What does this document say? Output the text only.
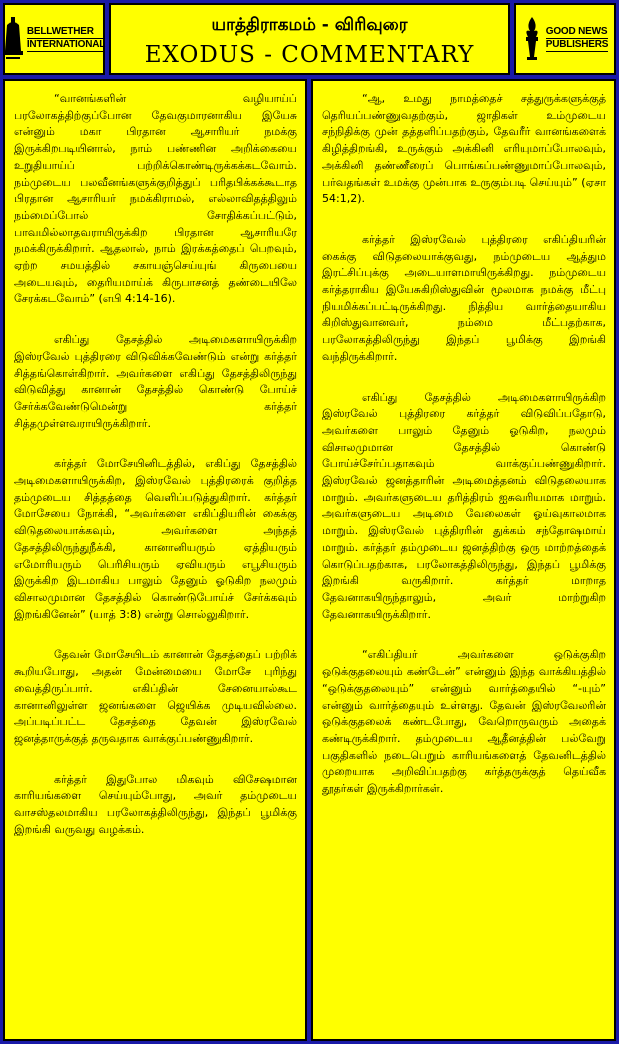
BELLWETHER
INTERNATIONAL
யாத்திராகமம் - விரிவுரை
EXODUS - COMMENTARY
GOOD NEWS
PUBLISHERS

“வானங்களின் வழியாய்ப் பரலோகத்திற்குப்போன தேவகுமாரனாகிய இயேசு என்னும் மகா பிரதான ஆசாரியர் நமக்கு இருக்கிறபடியினால், நாம் பண்ணின அறிக்கையை உறுதியாய்ப் பற்றிக்கொண்டிருக்கக்கடவோம். நம்முடைய பலவீனங்களுக்குறித்துப் பரிதபிக்கக்கூடாத பிரதான ஆசாரியர் நமக்கிராமல், எல்லாவிதத்திலும் நம்மைப்போல் சோதிக்கப்பட்டும், பாவமில்லாதவராயிருக்கிற பிரதான ஆசாரியரே நமக்கிருக்கிறார். ஆதலால், நாம் இரக்கத்தைப் பெறவும், ஏற்ற சமயத்தில் சகாயஞ்செய்யுங் கிருபையை அடையவும், தைரியமாய்க் கிருபாசனத் தண்டையிலே சேரக்கடவோம்” (எபி 4:14-16).

எகிப்து தேசத்தில் அடிமைகளாயிருக்கிற இஸ்ரவேல் புத்திரரை விடுவிக்கவேண்டும் என்று கர்த்தர் சித்தங்கொள்கிறார். அவர்களை எகிப்து தேசத்திலிருந்து விடுவித்து கானான் தேசத்தில் கொண்டு போய்ச் சேர்க்கவேண்டுமென்று கர்த்தர் சித்தமுள்ளவராயிருக்கிறார்.

கர்த்தர் மோசேயினிடத்தில், எகிப்து தேசத்தில் அடிமைகளாயிருக்கிற, இஸ்ரவேல் புத்திரரைக் குறித்த தம்முடைய சித்தத்தை வெளிப்படுத்துகிறார். கர்த்தர் மோசேயை நோக்கி, “அவர்களை எகிப்தியரின் கைக்கு விடுதலையாக்கவும், அவர்களை அந்தத் தேசத்திலிருந்துநீக்கி, கானானியரும் ஏத்தியரும் எமோரியரும் பெரிசியரும் ஏவியரும் எபூசியரும் இருக்கிற இடமாகிய பாலும் தேனும் ஓடுகிற நலமும் விசாலமுமான தேசத்தில் கொண்டுபோய்ச் சேர்க்கவும் இறங்கினேன்” (யாத் 3:8) என்று சொல்லுகிறார்.

தேவன் மோசேயிடம் கானான் தேசத்தைப் பற்றிக் கூறியபோது, அதன் மேன்மையை மோசே புரிந்து வைத்திருப்பார். எகிப்தின் சேனையால்கூட கானானிலுள்ள ஜனங்களை ஜெயிக்க முடியவில்லை. அப்படிப்பட்ட தேசத்தை தேவன் இஸ்ரவேல் ஜனத்தாருக்குத் தருவதாக வாக்குப்பண்ணுகிறார்.

கர்த்தர் இதுபோல மிகவும் விசேஷமான காரியங்களை செய்யும்போது, அவர் தம்முடைய வாசஸ்தலமாகிய பரலோகத்திலிருந்து, இந்தப் பூமிக்கு இறங்கி வருவது வழக்கம்.

“ஆ, உமது நாமத்தைச் சத்துருக்களுக்குத் தெரியப்பண்ணுவதற்கும், ஜாதிகள் உம்முடைய சந்நிதிக்கு முன் தத்தளிப்பதற்கும், தேவரீர் வானங்களைக் கிழித்திறங்கி, உருக்கும் அக்கினி எரியுமாப்போலவும், அக்கினி தண்ணீரைப் பொங்கப்பண்ணுமாப்போலவும், பர்வதங்கள் உமக்கு முன்பாக உருகும்படி செய்யும்” (ஏசா 54:1,2).

கர்த்தர் இஸ்ரவேல் புத்திரரை எகிப்தியரின் கைக்கு விடுதலையாக்குவது, நம்முடைய ஆத்தும இரட்சிப்புக்கு அடையாளமாயிருக்கிறது. நம்முடைய கர்த்தராகிய இயேசுகிறிஸ்துவின் மூலமாக நமக்கு மீட்பு நியமிக்கப்பட்டிருக்கிறது. நித்திய வார்த்தையாகிய கிறிஸ்துவானவர், நம்மை மீட்பதற்காக, பரலோகத்திலிருந்து இந்தப் பூமிக்கு இறங்கி வந்திருக்கிறார்.

எகிப்து தேசத்தில் அடிமைகளாயிருக்கிற இஸ்ரவேல் புத்திரரை கர்த்தர் விடுவிப்பதோடு, அவர்களை பாலும் தேனும் ஓடுகிற, நலமும் விசாலமுமான தேசத்தில் கொண்டு போய்ச்சேர்ப்பதாகவும் வாக்குப்பண்ணுகிறார். இஸ்ரவேல் ஜனத்தாரின் அடிமைத்தனம் விடுதலையாக மாறும். அவர்களுடைய தரித்திரம் ஐசுவரியமாக மாறும். அவர்களுடைய அடிமை வேலைகள் ஓய்வுகாலமாக மாறும். இஸ்ரவேல் புத்திரரின் துக்கம் சந்தோஷமாய் மாறும். கர்த்தர் தம்முடைய ஜனத்திற்கு ஒரு மாற்றத்தைக் கொடுப்பதற்காக, பரலோகத்திலிருந்து, இந்தப் பூமிக்கு இறங்கி வருகிறார். கர்த்தர் மாறாத தேவனாகயிருந்தாலும், அவர் மாற்றுகிற தேவனாகயிருக்கிறார்.

“எகிப்தியர் அவர்களை ஒடுக்குகிற ஒடுக்குதலையும் கண்டேன்” என்னும் இந்த வாக்கியத்தில் “ஒடுக்குதலையும்” என்னும் வார்த்தையில் “-யும்” என்னும் வார்த்தையும் உள்ளது. தேவன் இஸ்ரவேலரின் ஒடுக்குதலைக் கண்டபோது, வேறொருவரும் அதைக் கண்டிருக்கிறார். தம்முடைய ஆதீனத்தின் பல்வேறு பகுதிகளில் நடைபெறும் காரியங்களைத் தேவனிடத்தில் முறையாக அறிவிப்பதற்கு கர்த்தருக்குத் தெய்வீக தூதர்கள் இருக்கிறார்கள்.
